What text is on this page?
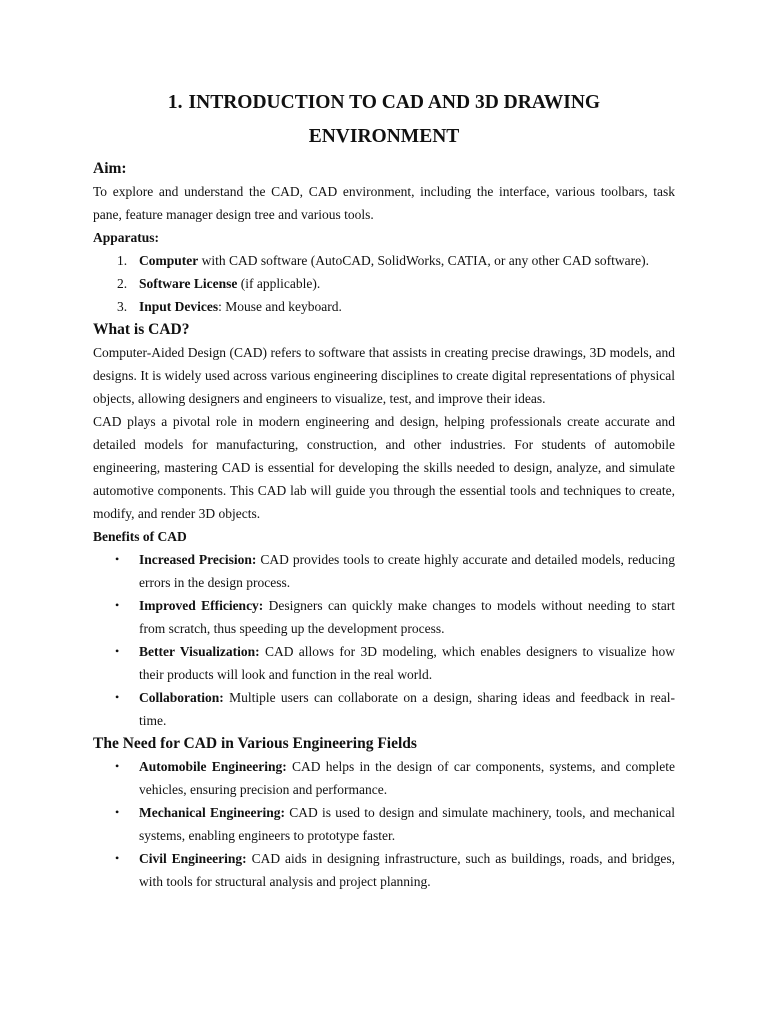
1. INTRODUCTION TO CAD AND 3D DRAWING
ENVIRONMENT
Aim:

To explore and understand the CAD, CAD environment, including the interface, various toolbars, task pane, feature manager design tree and various tools.

Apparatus:
1. Computer with CAD software (AutoCAD, SolidWorks, CATIA, or any other CAD software).
2. Software License (if applicable).
3. Input Devices: Mouse and keyboard.
What is CAD?

Computer-Aided Design (CAD) refers to software that assists in creating precise drawings, 3D models, and designs. It is widely used across various engineering disciplines to create digital representations of physical objects, allowing designers and engineers to visualize, test, and improve their ideas.

CAD plays a pivotal role in modern engineering and design, helping professionals create accurate and detailed models for manufacturing, construction, and other industries. For students of automobile engineering, mastering CAD is essential for developing the skills needed to design, analyze, and simulate automotive components. This CAD lab will guide you through the essential tools and techniques to create, modify, and render 3D objects.

Benefits of CAD
• Increased Precision: CAD provides tools to create highly accurate and detailed models, reducing errors in the design process.
• Improved Efficiency: Designers can quickly make changes to models without needing to start from scratch, thus speeding up the development process.
• Better Visualization: CAD allows for 3D modeling, which enables designers to visualize how their products will look and function in the real world.
• Collaboration: Multiple users can collaborate on a design, sharing ideas and feedback in real-time.
The Need for CAD in Various Engineering Fields
• Automobile Engineering: CAD helps in the design of car components, systems, and complete vehicles, ensuring precision and performance.
• Mechanical Engineering: CAD is used to design and simulate machinery, tools, and mechanical systems, enabling engineers to prototype faster.
• Civil Engineering: CAD aids in designing infrastructure, such as buildings, roads, and bridges, with tools for structural analysis and project planning.
